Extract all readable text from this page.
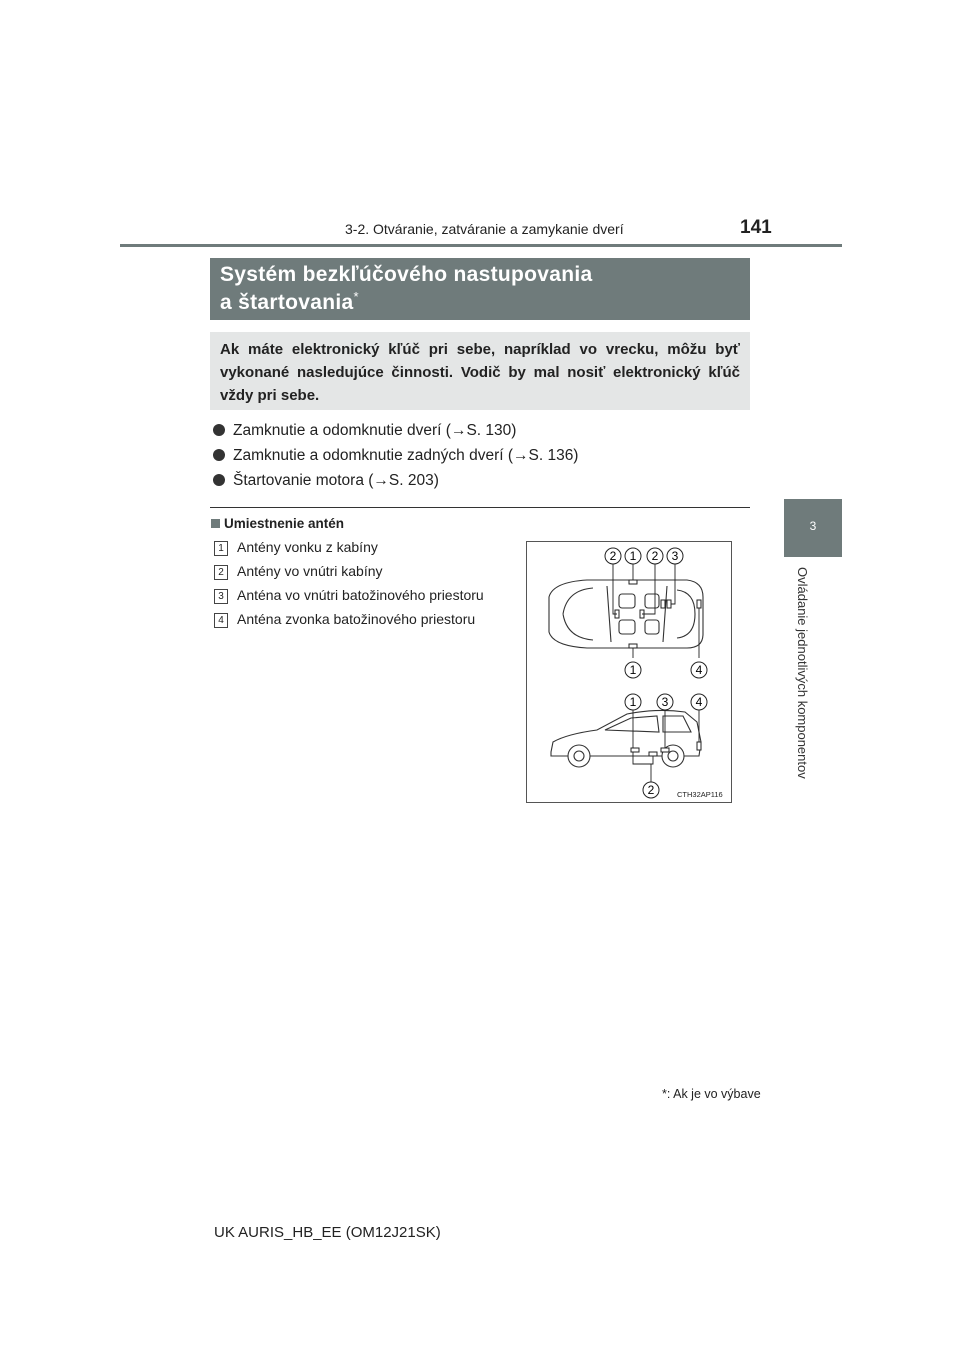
3-2. Otváranie, zatváranie a zamykanie dverí	141
3
Ovládanie jednotlivých komponentov
Systém bezkľúčového nastupovania
a štartovania*
Ak máte elektronický kľúč pri sebe, napríklad vo vrecku, môžu byť vykonané nasledujúce činnosti. Vodič by mal nosiť elektronický kľúč vždy pri sebe.
Zamknutie a odomknutie dverí (→S. 130)
Zamknutie a odomknutie zadných dverí (→S. 136)
Štartovanie motora (→S. 203)
Umiestnenie antén
1 Antény vonku z kabíny
2 Antény vo vnútri kabíny
3 Anténa vo vnútri batožinového priestoru
4 Anténa zvonka batožinového priestoru
2 1 2 3
1	4
1 3 4
2	CTH32AP116
*: Ak je vo výbave
UK AURIS_HB_EE (OM12J21SK)
